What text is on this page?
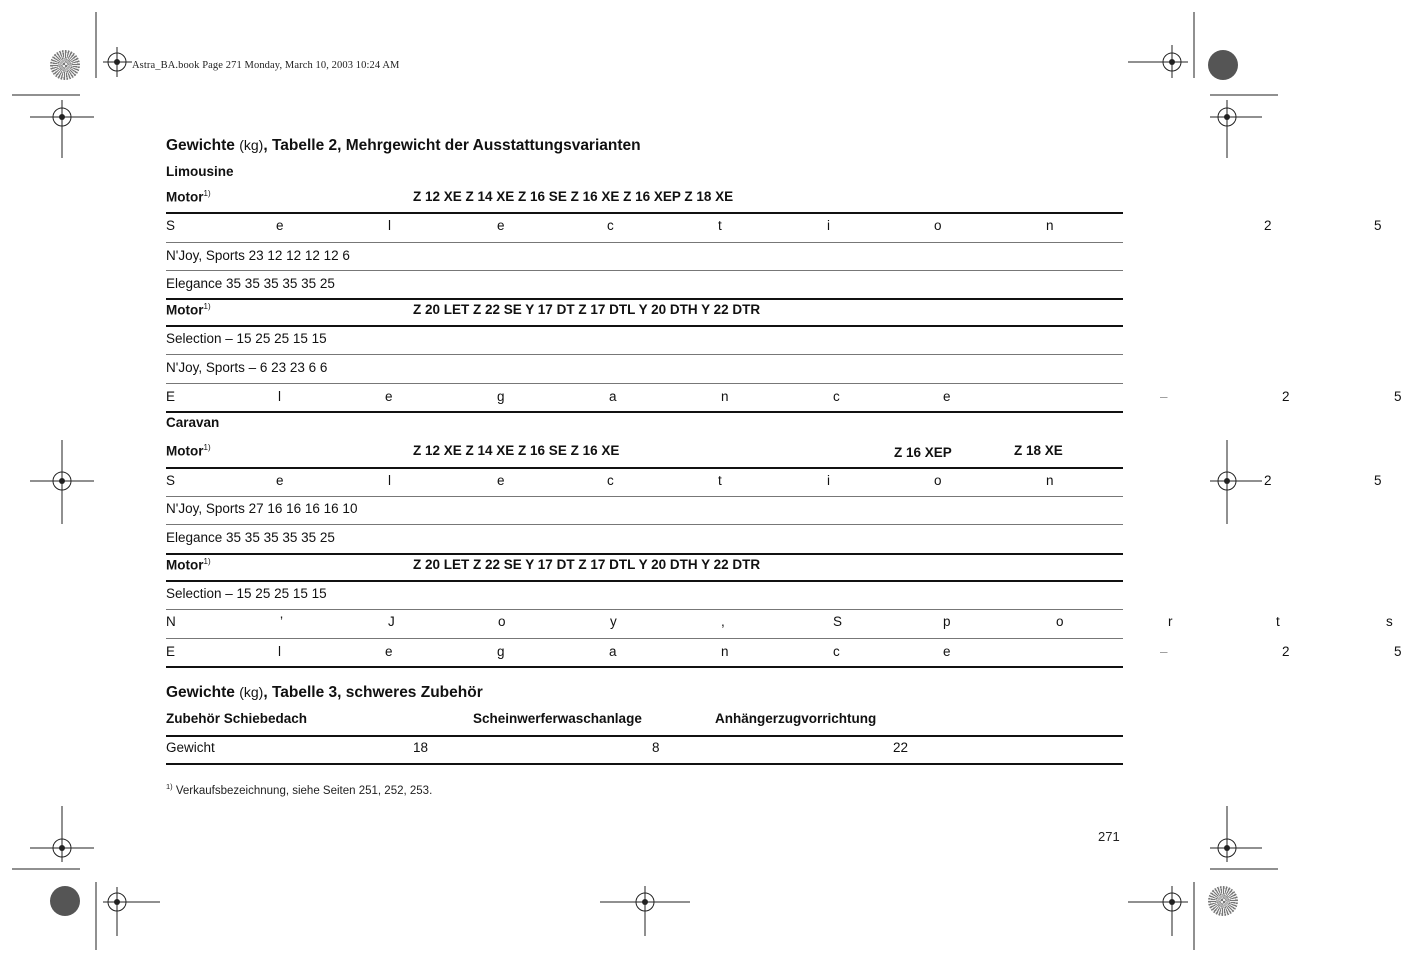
Astra_BA.book Page 271 Monday, March 10, 2003 10:24 AM
Gewichte (kg), Tabelle 2, Mehrgewicht der Ausstattungsvarianten
Limousine
Motor$^{1)}$	Z 12 XE Z 14 XE Z 16 SE Z 16 XE Z 16 XEP Z 18 XE
S	e	l	e	c	t	i	o	n	2	5
N'Joy, Sports 23 12 12 12 12 6
Elegance 35 35 35 35 35 25
Motor$^{1)}$	Z 20 LET Z 22 SE Y 17 DT Z 17 DTL Y 20 DTH Y 22 DTR
Selection – 15 25 25 15 15
N'Joy, Sports – 6 23 23 6 6
E	l	e	g	a	n	c	e	–	2	5
Caravan
Motor$^{1)}$	Z 12 XE Z 14 XE Z 16 SE Z 16 XE	Z 16 XEP	Z 18 XE
S	e	l	e	c	t	i	o	n	2	5
N'Joy, Sports 27 16 16 16 16 10
Elegance 35 35 35 35 35 25
Motor$^{1)}$	Z 20 LET Z 22 SE Y 17 DT Z 17 DTL Y 20 DTH Y 22 DTR
Selection – 15 25 25 15 15
N	’	J	o	y	,	S	p	o	r	t	s
E	l	e	g	a	n	c	e	–	2	5
Gewichte (kg), Tabelle 3, schweres Zubehör
Zubehör Schiebedach	Scheinwerferwaschanlage	Anhängerzugvorrichtung
Gewicht	18	8	22
$^{1)}$ Verkaufsbezeichnung, siehe Seiten 251, 252, 253.
271
